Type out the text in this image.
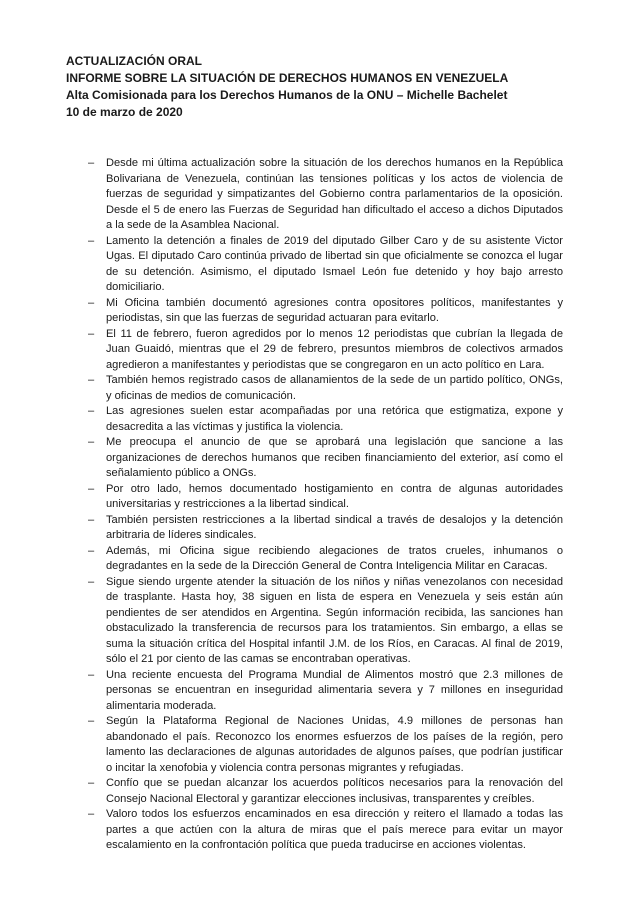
ACTUALIZACIÓN ORAL
INFORME SOBRE LA SITUACIÓN DE DERECHOS HUMANOS EN VENEZUELA
Alta Comisionada para los Derechos Humanos de la ONU – Michelle Bachelet
10 de marzo de 2020
– Desde mi última actualización sobre la situación de los derechos humanos en la República Bolivariana de Venezuela, continúan las tensiones políticas y los actos de violencia de fuerzas de seguridad y simpatizantes del Gobierno contra parlamentarios de la oposición. Desde el 5 de enero las Fuerzas de Seguridad han dificultado el acceso a dichos Diputados a la sede de la Asamblea Nacional.
– Lamento la detención a finales de 2019 del diputado Gilber Caro y de su asistente Victor Ugas. El diputado Caro continúa privado de libertad sin que oficialmente se conozca el lugar de su detención. Asimismo, el diputado Ismael León fue detenido y hoy bajo arresto domiciliario.
– Mi Oficina también documentó agresiones contra opositores políticos, manifestantes y periodistas, sin que las fuerzas de seguridad actuaran para evitarlo.
– El 11 de febrero, fueron agredidos por lo menos 12 periodistas que cubrían la llegada de Juan Guaidó, mientras que el 29 de febrero, presuntos miembros de colectivos armados agredieron a manifestantes y periodistas que se congregaron en un acto político en Lara.
– También hemos registrado casos de allanamientos de la sede de un partido político, ONGs, y oficinas de medios de comunicación.
– Las agresiones suelen estar acompañadas por una retórica que estigmatiza, expone y desacredita a las víctimas y justifica la violencia.
– Me preocupa el anuncio de que se aprobará una legislación que sancione a las organizaciones de derechos humanos que reciben financiamiento del exterior, así como el señalamiento público a ONGs.
– Por otro lado, hemos documentado hostigamiento en contra de algunas autoridades universitarias y restricciones a la libertad sindical.
– También persisten restricciones a la libertad sindical a través de desalojos y la detención arbitraria de líderes sindicales.
– Además, mi Oficina sigue recibiendo alegaciones de tratos crueles, inhumanos o degradantes en la sede de la Dirección General de Contra Inteligencia Militar en Caracas.
– Sigue siendo urgente atender la situación de los niños y niñas venezolanos con necesidad de trasplante. Hasta hoy, 38 siguen en lista de espera en Venezuela y seis están aún pendientes de ser atendidos en Argentina. Según información recibida, las sanciones han obstaculizado la transferencia de recursos para los tratamientos. Sin embargo, a ellas se suma la situación crítica del Hospital infantil J.M. de los Ríos, en Caracas. Al final de 2019, sólo el 21 por ciento de las camas se encontraban operativas.
– Una reciente encuesta del Programa Mundial de Alimentos mostró que 2.3 millones de personas se encuentran en inseguridad alimentaria severa y 7 millones en inseguridad alimentaria moderada.
– Según la Plataforma Regional de Naciones Unidas, 4.9 millones de personas han abandonado el país. Reconozco los enormes esfuerzos de los países de la región, pero lamento las declaraciones de algunas autoridades de algunos países, que podrían justificar o incitar la xenofobia y violencia contra personas migrantes y refugiadas.
– Confío que se puedan alcanzar los acuerdos políticos necesarios para la renovación del Consejo Nacional Electoral y garantizar elecciones inclusivas, transparentes y creíbles.
– Valoro todos los esfuerzos encaminados en esa dirección y reitero el llamado a todas las partes a que actúen con la altura de miras que el país merece para evitar un mayor escalamiento en la confrontación política que pueda traducirse en acciones violentas.
